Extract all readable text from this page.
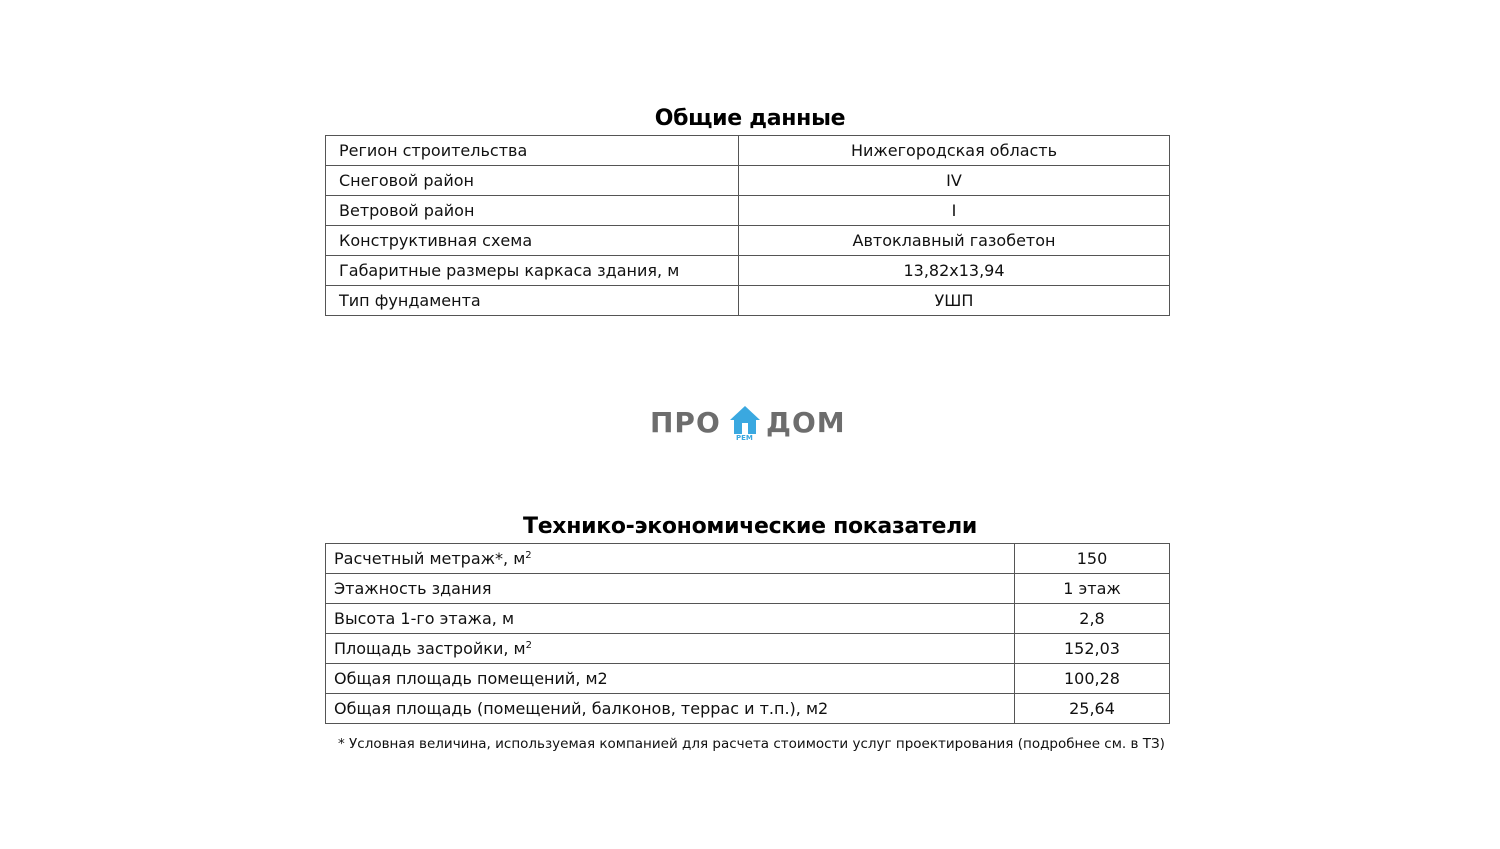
Общие данные
Регион строительства	Нижегородская область
Снеговой район	IV
Ветровой район	I
Конструктивная схема	Автоклавный газобетон
Габаритные размеры каркаса здания, м	13,82x13,94
Тип фундамента	УШП
ПРО РЕМ ДОМ
Технико-экономические показатели
Расчетный метраж*, $м^2$	150
Этажность здания	1 этаж
Высота 1-го этажа, м	2,8
Площадь застройки, $м^2$	152,03
Общая площадь помещений, м2	100,28
Общая площадь (помещений, балконов, террас и т.п.), м2	25,64
* Условная величина, используемая компанией для расчета стоимости услуг проектирования (подробнее см. в ТЗ)
